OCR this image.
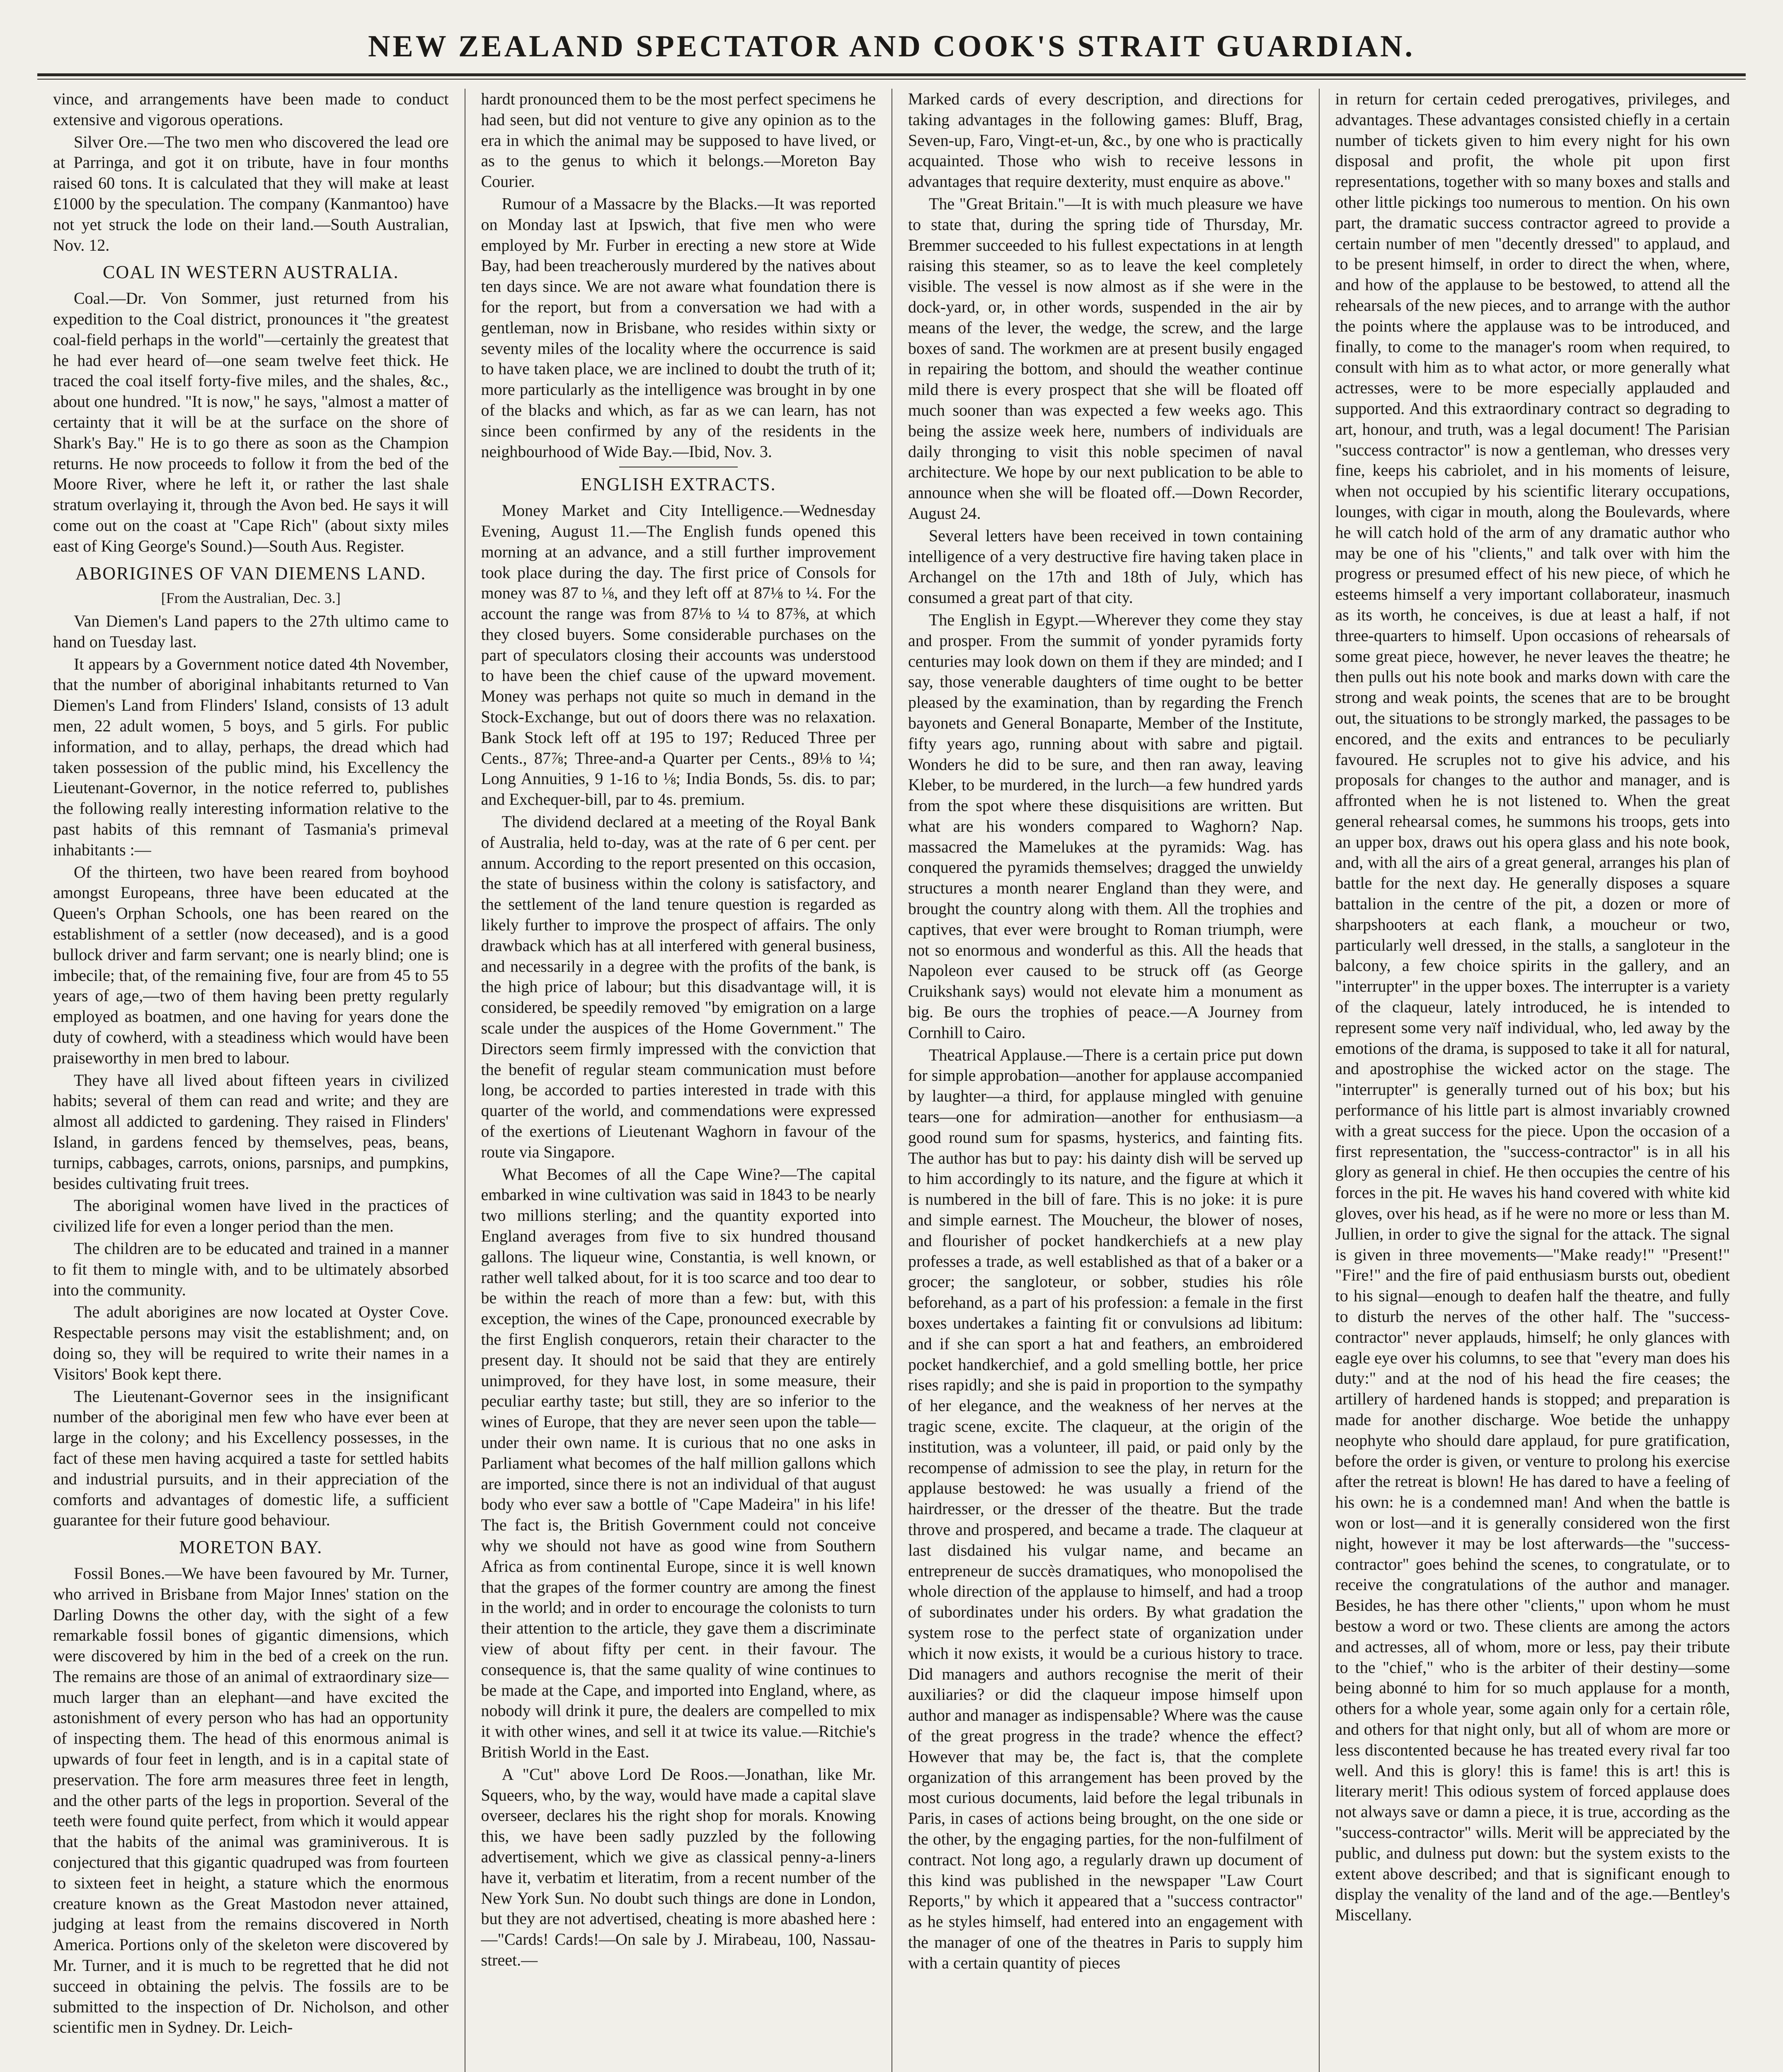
NEW ZEALAND SPECTATOR AND COOK'S STRAIT GUARDIAN.

vince, and arrangements have been made to conduct extensive and vigorous operations.

Silver Ore.—The two men who discovered the lead ore at Parringa, and got it on tribute, have in four months raised 60 tons. It is calculated that they will make at least £1000 by the speculation. The company (Kanmantoo) have not yet struck the lode on their land.—South Australian, Nov. 12.

COAL IN WESTERN AUSTRALIA.

Coal.—Dr. Von Sommer, just returned from his expedition to the Coal district, pronounces it "the greatest coal-field perhaps in the world"—certainly the greatest that he had ever heard of—one seam twelve feet thick. He traced the coal itself forty-five miles, and the shales, &c., about one hundred. "It is now," he says, "almost a matter of certainty that it will be at the surface on the shore of Shark's Bay." He is to go there as soon as the Champion returns. He now proceeds to follow it from the bed of the Moore River, where he left it, or rather the last shale stratum overlaying it, through the Avon bed. He says it will come out on the coast at "Cape Rich" (about sixty miles east of King George's Sound.)—South Aus. Register.

ABORIGINES OF VAN DIEMENS LAND.
[From the Australian, Dec. 3.]

Van Diemen's Land papers to the 27th ultimo came to hand on Tuesday last.

It appears by a Government notice dated 4th November, that the number of aboriginal inhabitants returned to Van Diemen's Land from Flinders' Island, consists of 13 adult men, 22 adult women, 5 boys, and 5 girls. For public information, and to allay, perhaps, the dread which had taken possession of the public mind, his Excellency the Lieutenant-Governor, in the notice referred to, publishes the following really interesting information relative to the past habits of this remnant of Tasmania's primeval inhabitants :—

Of the thirteen, two have been reared from boyhood amongst Europeans, three have been educated at the Queen's Orphan Schools, one has been reared on the establishment of a settler (now deceased), and is a good bullock driver and farm servant; one is nearly blind; one is imbecile; that, of the remaining five, four are from 45 to 55 years of age,—two of them having been pretty regularly employed as boatmen, and one having for years done the duty of cowherd, with a steadiness which would have been praiseworthy in men bred to labour.

They have all lived about fifteen years in civilized habits; several of them can read and write; and they are almost all addicted to gardening. They raised in Flinders' Island, in gardens fenced by themselves, peas, beans, turnips, cabbages, carrots, onions, parsnips, and pumpkins, besides cultivating fruit trees.

The aboriginal women have lived in the practices of civilized life for even a longer period than the men.

The children are to be educated and trained in a manner to fit them to mingle with, and to be ultimately absorbed into the community.

The adult aborigines are now located at Oyster Cove. Respectable persons may visit the establishment; and, on doing so, they will be required to write their names in a Visitors' Book kept there.

The Lieutenant-Governor sees in the insignificant number of the aboriginal men few who have ever been at large in the colony; and his Excellency possesses, in the fact of these men having acquired a taste for settled habits and industrial pursuits, and in their appreciation of the comforts and advantages of domestic life, a sufficient guarantee for their future good behaviour.

MORETON BAY.

Fossil Bones.—We have been favoured by Mr. Turner, who arrived in Brisbane from Major Innes' station on the Darling Downs the other day, with the sight of a few remarkable fossil bones of gigantic dimensions, which were discovered by him in the bed of a creek on the run. The remains are those of an animal of extraordinary size—much larger than an elephant—and have excited the astonishment of every person who has had an opportunity of inspecting them. The head of this enormous animal is upwards of four feet in length, and is in a capital state of preservation. The fore arm measures three feet in length, and the other parts of the legs in proportion. Several of the teeth were found quite perfect, from which it would appear that the habits of the animal was graminiverous. It is conjectured that this gigantic quadruped was from fourteen to sixteen feet in height, a stature which the enormous creature known as the Great Mastodon never attained, judging at least from the remains discovered in North America. Portions only of the skeleton were discovered by Mr. Turner, and it is much to be regretted that he did not succeed in obtaining the pelvis. The fossils are to be submitted to the inspection of Dr. Nicholson, and other scientific men in Sydney. Dr. Leich-

hardt pronounced them to be the most perfect specimens he had seen, but did not venture to give any opinion as to the era in which the animal may be supposed to have lived, or as to the genus to which it belongs.—Moreton Bay Courier.

Rumour of a Massacre by the Blacks.—It was reported on Monday last at Ipswich, that five men who were employed by Mr. Furber in erecting a new store at Wide Bay, had been treacherously murdered by the natives about ten days since. We are not aware what foundation there is for the report, but from a conversation we had with a gentleman, now in Brisbane, who resides within sixty or seventy miles of the locality where the occurrence is said to have taken place, we are inclined to doubt the truth of it; more particularly as the intelligence was brought in by one of the blacks and which, as far as we can learn, has not since been confirmed by any of the residents in the neighbourhood of Wide Bay.—Ibid, Nov. 3.

ENGLISH EXTRACTS.

Money Market and City Intelligence.—Wednesday Evening, August 11.—The English funds opened this morning at an advance, and a still further improvement took place during the day. The first price of Consols for money was 87 to ⅛, and they left off at 87⅛ to ¼. For the account the range was from 87⅛ to ¼ to 87⅜, at which they closed buyers. Some considerable purchases on the part of speculators closing their accounts was understood to have been the chief cause of the upward movement. Money was perhaps not quite so much in demand in the Stock-Exchange, but out of doors there was no relaxation. Bank Stock left off at 195 to 197; Reduced Three per Cents., 87⅞; Three-and-a Quarter per Cents., 89⅛ to ¼; Long Annuities, 9 1-16 to ⅛; India Bonds, 5s. dis. to par; and Exchequer-bill, par to 4s. premium.

The dividend declared at a meeting of the Royal Bank of Australia, held to-day, was at the rate of 6 per cent. per annum. According to the report presented on this occasion, the state of business within the colony is satisfactory, and the settlement of the land tenure question is regarded as likely further to improve the prospect of affairs. The only drawback which has at all interfered with general business, and necessarily in a degree with the profits of the bank, is the high price of labour; but this disadvantage will, it is considered, be speedily removed "by emigration on a large scale under the auspices of the Home Government." The Directors seem firmly impressed with the conviction that the benefit of regular steam communication must before long, be accorded to parties interested in trade with this quarter of the world, and commendations were expressed of the exertions of Lieutenant Waghorn in favour of the route via Singapore.

What Becomes of all the Cape Wine?—The capital embarked in wine cultivation was said in 1843 to be nearly two millions sterling; and the quantity exported into England averages from five to six hundred thousand gallons. The liqueur wine, Constantia, is well known, or rather well talked about, for it is too scarce and too dear to be within the reach of more than a few: but, with this exception, the wines of the Cape, pronounced execrable by the first English conquerors, retain their character to the present day. It should not be said that they are entirely unimproved, for they have lost, in some measure, their peculiar earthy taste; but still, they are so inferior to the wines of Europe, that they are never seen upon the table—under their own name. It is curious that no one asks in Parliament what becomes of the half million gallons which are imported, since there is not an individual of that august body who ever saw a bottle of "Cape Madeira" in his life! The fact is, the British Government could not conceive why we should not have as good wine from Southern Africa as from continental Europe, since it is well known that the grapes of the former country are among the finest in the world; and in order to encourage the colonists to turn their attention to the article, they gave them a discriminate view of about fifty per cent. in their favour. The consequence is, that the same quality of wine continues to be made at the Cape, and imported into England, where, as nobody will drink it pure, the dealers are compelled to mix it with other wines, and sell it at twice its value.—Ritchie's British World in the East.

A "Cut" above Lord De Roos.—Jonathan, like Mr. Squeers, who, by the way, would have made a capital slave overseer, declares his the right shop for morals. Knowing this, we have been sadly puzzled by the following advertisement, which we give as classical penny-a-liners have it, verbatim et literatim, from a recent number of the New York Sun. No doubt such things are done in London, but they are not advertised, cheating is more abashed here :—"Cards! Cards!—On sale by J. Mirabeau, 100, Nassau-street.—

Marked cards of every description, and directions for taking advantages in the following games: Bluff, Brag, Seven-up, Faro, Vingt-et-un, &c., by one who is practically acquainted. Those who wish to receive lessons in advantages that require dexterity, must enquire as above."

The "Great Britain."—It is with much pleasure we have to state that, during the spring tide of Thursday, Mr. Bremmer succeeded to his fullest expectations in at length raising this steamer, so as to leave the keel completely visible. The vessel is now almost as if she were in the dock-yard, or, in other words, suspended in the air by means of the lever, the wedge, the screw, and the large boxes of sand. The workmen are at present busily engaged in repairing the bottom, and should the weather continue mild there is every prospect that she will be floated off much sooner than was expected a few weeks ago. This being the assize week here, numbers of individuals are daily thronging to visit this noble specimen of naval architecture. We hope by our next publication to be able to announce when she will be floated off.—Down Recorder, August 24.

Several letters have been received in town containing intelligence of a very destructive fire having taken place in Archangel on the 17th and 18th of July, which has consumed a great part of that city.

The English in Egypt.—Wherever they come they stay and prosper. From the summit of yonder pyramids forty centuries may look down on them if they are minded; and I say, those venerable daughters of time ought to be better pleased by the examination, than by regarding the French bayonets and General Bonaparte, Member of the Institute, fifty years ago, running about with sabre and pigtail. Wonders he did to be sure, and then ran away, leaving Kleber, to be murdered, in the lurch—a few hundred yards from the spot where these disquisitions are written. But what are his wonders compared to Waghorn? Nap. massacred the Mamelukes at the pyramids: Wag. has conquered the pyramids themselves; dragged the unwieldy structures a month nearer England than they were, and brought the country along with them. All the trophies and captives, that ever were brought to Roman triumph, were not so enormous and wonderful as this. All the heads that Napoleon ever caused to be struck off (as George Cruikshank says) would not elevate him a monument as big. Be ours the trophies of peace.—A Journey from Cornhill to Cairo.

Theatrical Applause.—There is a certain price put down for simple approbation—another for applause accompanied by laughter—a third, for applause mingled with genuine tears—one for admiration—another for enthusiasm—a good round sum for spasms, hysterics, and fainting fits. The author has but to pay: his dainty dish will be served up to him accordingly to its nature, and the figure at which it is numbered in the bill of fare. This is no joke: it is pure and simple earnest. The Moucheur, the blower of noses, and flourisher of pocket handkerchiefs at a new play professes a trade, as well established as that of a baker or a grocer; the sangloteur, or sobber, studies his rôle beforehand, as a part of his profession: a female in the first boxes undertakes a fainting fit or convulsions ad libitum: and if she can sport a hat and feathers, an embroidered pocket handkerchief, and a gold smelling bottle, her price rises rapidly; and she is paid in proportion to the sympathy of her elegance, and the weakness of her nerves at the tragic scene, excite. The claqueur, at the origin of the institution, was a volunteer, ill paid, or paid only by the recompense of admission to see the play, in return for the applause bestowed: he was usually a friend of the hairdresser, or the dresser of the theatre. But the trade throve and prospered, and became a trade. The claqueur at last disdained his vulgar name, and became an entrepreneur de succès dramatiques, who monopolised the whole direction of the applause to himself, and had a troop of subordinates under his orders. By what gradation the system rose to the perfect state of organization under which it now exists, it would be a curious history to trace. Did managers and authors recognise the merit of their auxiliaries? or did the claqueur impose himself upon author and manager as indispensable? Where was the cause of the great progress in the trade? whence the effect? However that may be, the fact is, that the complete organization of this arrangement has been proved by the most curious documents, laid before the legal tribunals in Paris, in cases of actions being brought, on the one side or the other, by the engaging parties, for the non-fulfilment of contract. Not long ago, a regularly drawn up document of this kind was published in the newspaper "Law Court Reports," by which it appeared that a "success contractor" as he styles himself, had entered into an engagement with the manager of one of the theatres in Paris to supply him with a certain quantity of pieces

in return for certain ceded prerogatives, privileges, and advantages. These advantages consisted chiefly in a certain number of tickets given to him every night for his own disposal and profit, the whole pit upon first representations, together with so many boxes and stalls and other little pickings too numerous to mention. On his own part, the dramatic success contractor agreed to provide a certain number of men "decently dressed" to applaud, and to be present himself, in order to direct the when, where, and how of the applause to be bestowed, to attend all the rehearsals of the new pieces, and to arrange with the author the points where the applause was to be introduced, and finally, to come to the manager's room when required, to consult with him as to what actor, or more generally what actresses, were to be more especially applauded and supported. And this extraordinary contract so degrading to art, honour, and truth, was a legal document! The Parisian "success contractor" is now a gentleman, who dresses very fine, keeps his cabriolet, and in his moments of leisure, when not occupied by his scientific literary occupations, lounges, with cigar in mouth, along the Boulevards, where he will catch hold of the arm of any dramatic author who may be one of his "clients," and talk over with him the progress or presumed effect of his new piece, of which he esteems himself a very important collaborateur, inasmuch as its worth, he conceives, is due at least a half, if not three-quarters to himself. Upon occasions of rehearsals of some great piece, however, he never leaves the theatre; he then pulls out his note book and marks down with care the strong and weak points, the scenes that are to be brought out, the situations to be strongly marked, the passages to be encored, and the exits and entrances to be peculiarly favoured. He scruples not to give his advice, and his proposals for changes to the author and manager, and is affronted when he is not listened to. When the great general rehearsal comes, he summons his troops, gets into an upper box, draws out his opera glass and his note book, and, with all the airs of a great general, arranges his plan of battle for the next day. He generally disposes a square battalion in the centre of the pit, a dozen or more of sharpshooters at each flank, a moucheur or two, particularly well dressed, in the stalls, a sangloteur in the balcony, a few choice spirits in the gallery, and an "interrupter" in the upper boxes. The interrupter is a variety of the claqueur, lately introduced, he is intended to represent some very naïf individual, who, led away by the emotions of the drama, is supposed to take it all for natural, and apostrophise the wicked actor on the stage. The "interrupter" is generally turned out of his box; but his performance of his little part is almost invariably crowned with a great success for the piece. Upon the occasion of a first representation, the "success-contractor" is in all his glory as general in chief. He then occupies the centre of his forces in the pit. He waves his hand covered with white kid gloves, over his head, as if he were no more or less than M. Jullien, in order to give the signal for the attack. The signal is given in three movements—"Make ready!" "Present!" "Fire!" and the fire of paid enthusiasm bursts out, obedient to his signal—enough to deafen half the theatre, and fully to disturb the nerves of the other half. The "success-contractor" never applauds, himself; he only glances with eagle eye over his columns, to see that "every man does his duty:" and at the nod of his head the fire ceases; the artillery of hardened hands is stopped; and preparation is made for another discharge. Woe betide the unhappy neophyte who should dare applaud, for pure gratification, before the order is given, or venture to prolong his exercise after the retreat is blown! He has dared to have a feeling of his own: he is a condemned man! And when the battle is won or lost—and it is generally considered won the first night, however it may be lost afterwards—the "success-contractor" goes behind the scenes, to congratulate, or to receive the congratulations of the author and manager. Besides, he has there other "clients," upon whom he must bestow a word or two. These clients are among the actors and actresses, all of whom, more or less, pay their tribute to the "chief," who is the arbiter of their destiny—some being abonné to him for so much applause for a month, others for a whole year, some again only for a certain rôle, and others for that night only, but all of whom are more or less discontented because he has treated every rival far too well. And this is glory! this is fame! this is art! this is literary merit! This odious system of forced applause does not always save or damn a piece, it is true, according as the "success-contractor" wills. Merit will be appreciated by the public, and dulness put down: but the system exists to the extent above described; and that is significant enough to display the venality of the land and of the age.—Bentley's Miscellany.
